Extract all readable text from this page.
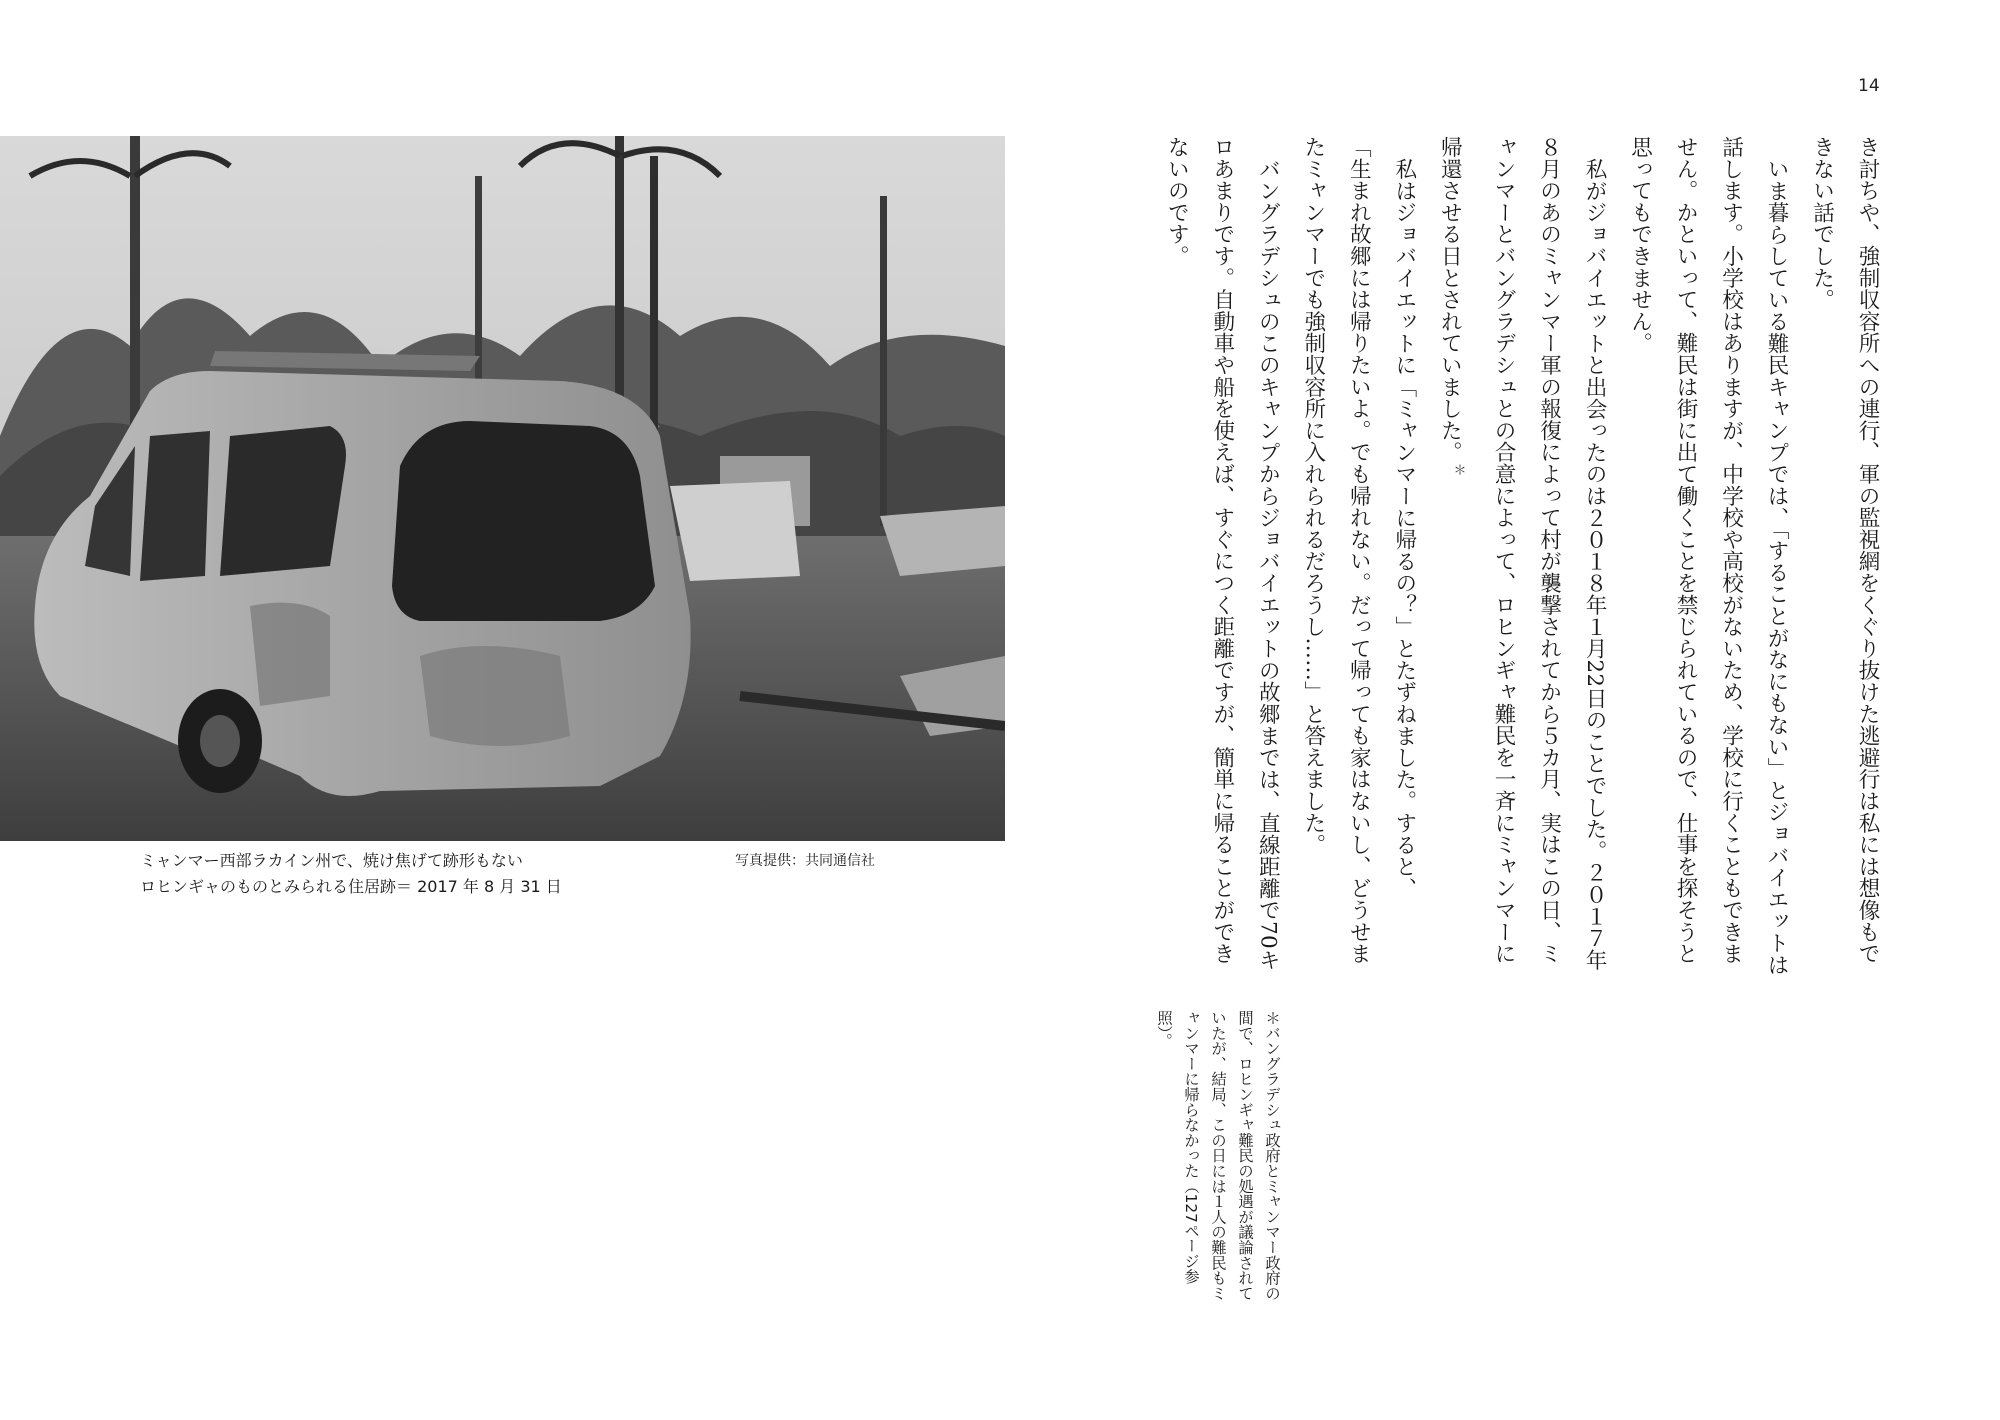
14
ミャンマー西部ラカイン州で、焼け焦げて跡形もない
ロヒンギャのものとみられる住居跡＝ 2017 年 8 月 31 日
写真提供：共同通信社	き討ちや、強制収容所への連行、軍の監視網をくぐり抜けた逃避行は私には想像もできない話でした。

いま暮らしている難民キャンプでは、「することがなにもない」とジョバイエットは話します。小学校はありますが、中学校や高校がないため、学校に行くこともできません。かといって、難民は街に出て働くことを禁じられているので、仕事を探そうと思ってもできません。

私がジョバイエットと出会ったのは２０１８年１月22日のことでした。２０１７年８月のあのミャンマー軍の報復によって村が襲撃されてから５カ月、実はこの日、ミャンマーとバングラデシュとの合意によって、ロヒンギャ難民を一斉にミャンマーに帰還させる日とされていました。＊

私はジョバイエットに「ミャンマーに帰るの？」とたずねました。すると、

「生まれ故郷には帰りたいよ。でも帰れない。だって帰っても家はないし、どうせまたミャンマーでも強制収容所に入れられるだろうし……」と答えました。

バングラデシュのこのキャンプからジョバイエットの故郷までは、直線距離で70キロあまりです。自動車や船を使えば、すぐにつく距離ですが、簡単に帰ることができないのです。

＊バングラデシュ政府とミャンマー政府の間で、ロヒンギャ難民の処遇が議論されていたが、結局、この日には１人の難民もミャンマーに帰らなかった（127ページ参照）。
